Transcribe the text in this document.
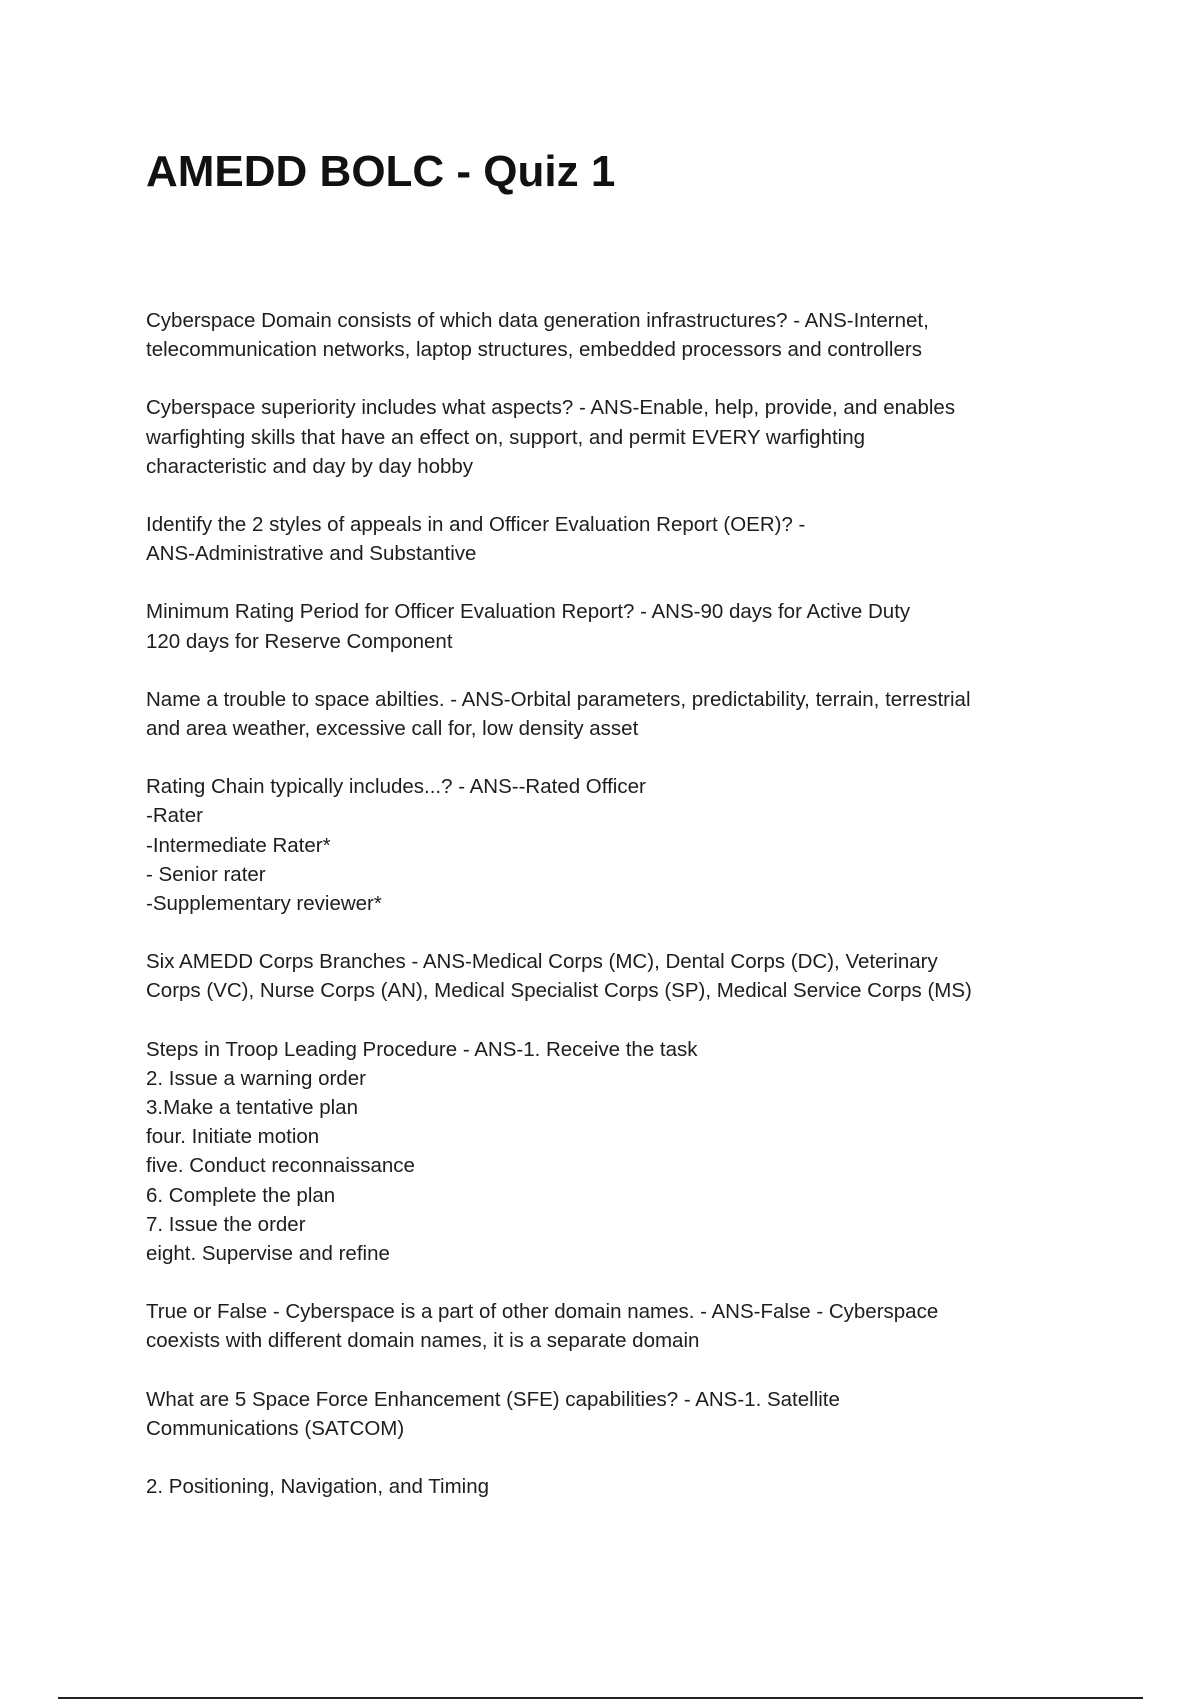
AMEDD BOLC - Quiz 1
Cyberspace Domain consists of which data generation infrastructures? - ANS-Internet,
telecommunication networks, laptop structures, embedded processors and controllers
Cyberspace superiority includes what aspects? - ANS-Enable, help, provide, and enables
warfighting skills that have an effect on, support, and permit EVERY warfighting
characteristic and day by day hobby
Identify the 2 styles of appeals in and Officer Evaluation Report (OER)? -
ANS-Administrative and Substantive
Minimum Rating Period for Officer Evaluation Report? - ANS-90 days for Active Duty
120 days for Reserve Component
Name a trouble to space abilties. - ANS-Orbital parameters, predictability, terrain, terrestrial
and area weather, excessive call for, low density asset
Rating Chain typically includes...? - ANS--Rated Officer
-Rater
-Intermediate Rater*
- Senior rater
-Supplementary reviewer*
Six AMEDD Corps Branches - ANS-Medical Corps (MC), Dental Corps (DC), Veterinary
Corps (VC), Nurse Corps (AN), Medical Specialist Corps (SP), Medical Service Corps (MS)
Steps in Troop Leading Procedure - ANS-1. Receive the task
2. Issue a warning order
3.Make a tentative plan
four. Initiate motion
five. Conduct reconnaissance
6. Complete the plan
7. Issue the order
eight. Supervise and refine
True or False - Cyberspace is a part of other domain names. - ANS-False - Cyberspace
coexists with different domain names, it is a separate domain
What are 5 Space Force Enhancement (SFE) capabilities? - ANS-1. Satellite
Communications (SATCOM)
2. Positioning, Navigation, and Timing
